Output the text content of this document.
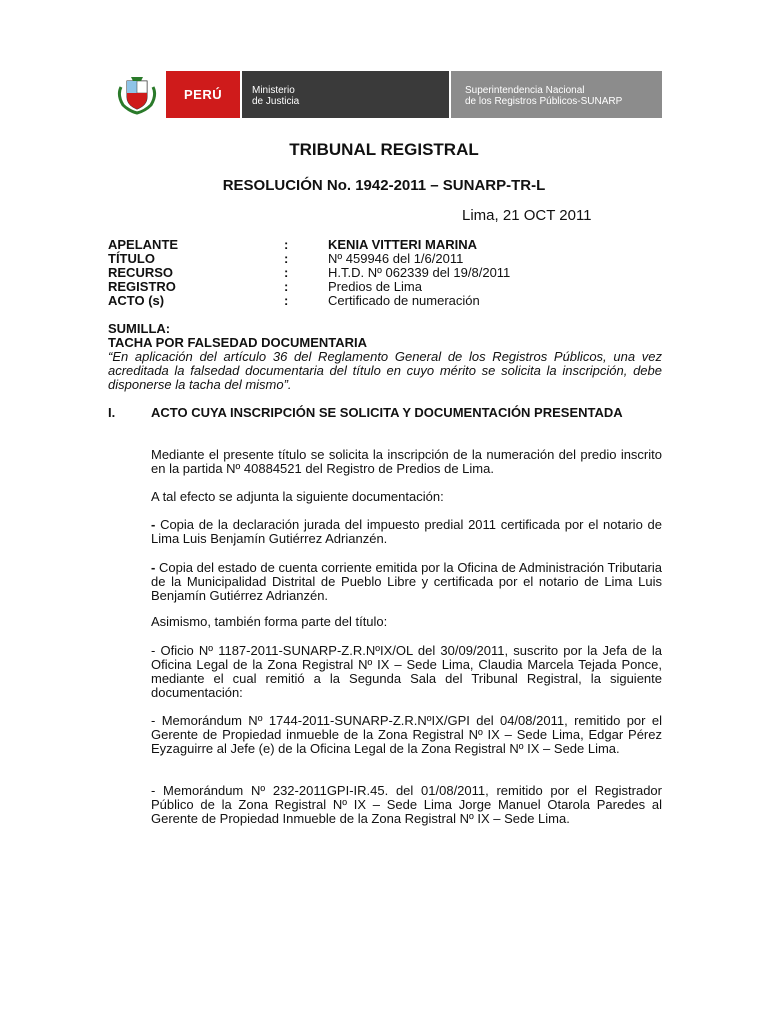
PERÚ	Ministerio
de Justicia
Superintendencia Nacional
de los Registros Públicos-SUNARP
TRIBUNAL REGISTRAL
RESOLUCIÓN No. 1942-2011 – SUNARP-TR-L
Lima, 21 OCT 2011
APELANTE	:	KENIA VITTERI MARINA
TÍTULO	:	Nº 459946 del 1/6/2011
RECURSO	:	H.T.D. Nº 062339 del 19/8/2011
REGISTRO	:	Predios de Lima
ACTO (s)	:	Certificado de numeración
SUMILLA:
TACHA POR FALSEDAD DOCUMENTARIA
“En aplicación del artículo 36 del Reglamento General de los Registros Públicos, una vez acreditada la falsedad documentaria del título en cuyo mérito se solicita la inscripción, debe disponerse la tacha del mismo”.
I.	ACTO CUYA INSCRIPCIÓN SE SOLICITA Y DOCUMENTACIÓN PRESENTADA
Mediante el presente título se solicita la inscripción de la numeración del predio inscrito en la partida Nº 40884521 del Registro de Predios de Lima.
A tal efecto se adjunta la siguiente documentación:
- Copia de la declaración jurada del impuesto predial 2011 certificada por el notario de Lima Luis Benjamín Gutiérrez Adrianzén.
- Copia del estado de cuenta corriente emitida por la Oficina de Administración Tributaria de la Municipalidad Distrital de Pueblo Libre y certificada por el notario de Lima Luis Benjamín Gutiérrez Adrianzén.
Asimismo, también forma parte del título:
- Oficio Nº 1187-2011-SUNARP-Z.R.NºIX/OL del 30/09/2011, suscrito por la Jefa de la Oficina Legal de la Zona Registral Nº IX – Sede Lima, Claudia Marcela Tejada Ponce, mediante el cual remitió a la Segunda Sala del Tribunal Registral, la siguiente documentación:
- Memorándum Nº 1744-2011-SUNARP-Z.R.NºIX/GPI del 04/08/2011, remitido por el Gerente de Propiedad inmueble de la Zona Registral Nº IX – Sede Lima, Edgar Pérez Eyzaguirre al Jefe (e) de la Oficina Legal de la Zona Registral Nº IX – Sede Lima.
- Memorándum Nº 232-2011GPI-IR.45. del 01/08/2011, remitido por el Registrador Público de la Zona Registral Nº IX – Sede Lima Jorge Manuel Otarola Paredes al Gerente de Propiedad Inmueble de la Zona Registral Nº IX – Sede Lima.
